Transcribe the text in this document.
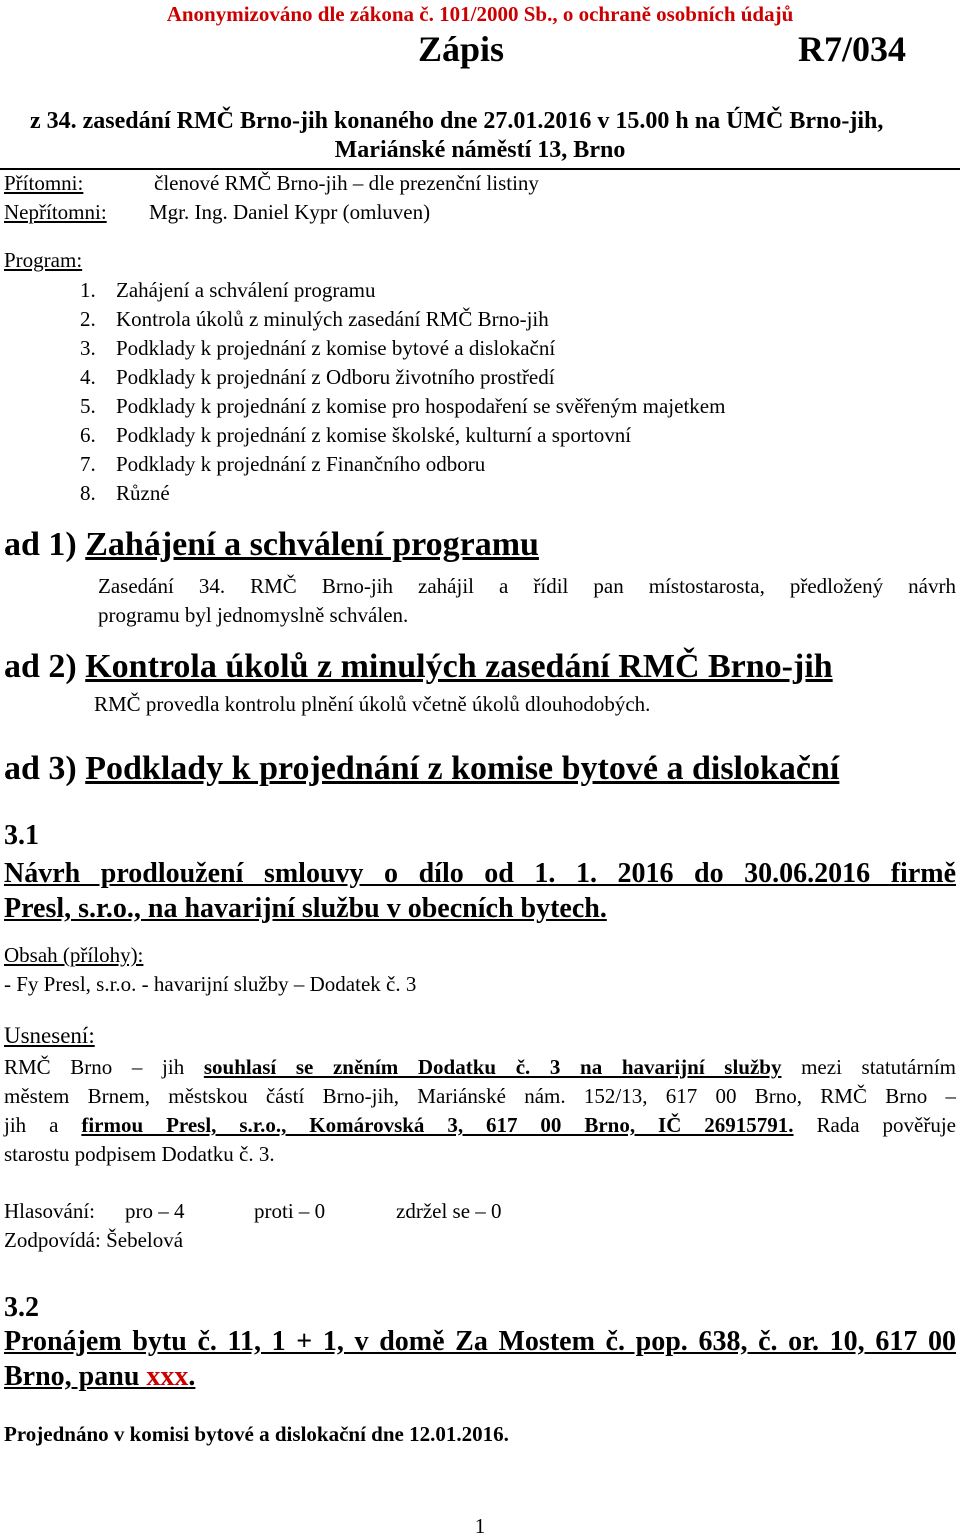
Anonymizováno dle zákona č. 101/2000 Sb., o ochraně osobních údajů
Zápis	R7/034
z 34. zasedání RMČ Brno-jih konaného dne 27.01.2016 v 15.00 h na ÚMČ Brno-jih,
Mariánské náměstí 13, Brno
Přítomni:	členové RMČ Brno-jih – dle prezenční listiny
Nepřítomni: Mgr. Ing. Daniel Kypr (omluven)
Program:
1. Zahájení a schválení programu
2. Kontrola úkolů z minulých zasedání RMČ Brno-jih
3. Podklady k projednání z komise bytové a dislokační
4. Podklady k projednání z Odboru životního prostředí
5. Podklady k projednání z komise pro hospodaření se svěřeným majetkem
6. Podklady k projednání z komise školské, kulturní a sportovní
7. Podklady k projednání z Finančního odboru
8. Různé
ad 1) Zahájení a schválení programu
Zasedání 34. RMČ Brno-jih zahájil a řídil pan místostarosta, předložený návrh
programu byl jednomyslně schválen.
ad 2) Kontrola úkolů z minulých zasedání RMČ Brno-jih
RMČ provedla kontrolu plnění úkolů včetně úkolů dlouhodobých.
ad 3) Podklady k projednání z komise bytové a dislokační
3.1
Návrh prodloužení smlouvy o dílo od 1. 1. 2016 do 30.06.2016 firmě
Presl, s.r.o., na havarijní službu v obecních bytech.
Obsah (přílohy):
- Fy Presl, s.r.o. - havarijní služby – Dodatek č. 3
Usnesení:
RMČ Brno – jih souhlasí se zněním Dodatku č. 3 na havarijní služby mezi statutárním
městem Brnem, městskou částí Brno-jih, Mariánské nám. 152/13, 617 00 Brno, RMČ Brno –
jih a firmou Presl, s.r.o., Komárovská 3, 617 00 Brno, IČ 26915791. Rada pověřuje
starostu podpisem Dodatku č. 3.
Hlasování: pro – 4	proti – 0	zdržel se – 0
Zodpovídá: Šebelová
3.2
Pronájem bytu č. 11, 1 + 1, v domě Za Mostem č. pop. 638, č. or. 10, 617 00
Brno, panu xxx.
Projednáno v komisi bytové a dislokační dne 12.01.2016.
1
